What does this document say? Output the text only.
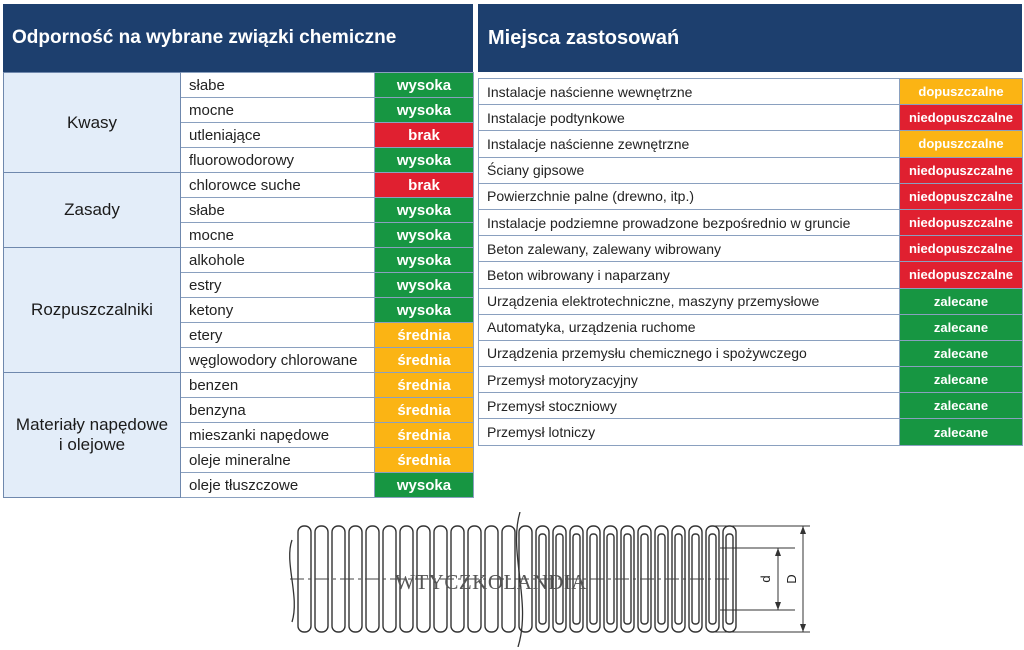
Odporność na wybrane związki chemiczne
Kwasy	słabe	wysoka
	mocne	wysoka
	utleniające	brak
	fluorowodorowy	wysoka
Zasady	chlorowce suche	brak
	słabe	wysoka
	mocne	wysoka
Rozpuszczalniki	alkohole	wysoka
	estry	wysoka
	ketony	wysoka
	etery	średnia
	węglowodory chlorowane	średnia
Materiały napędowe
i olejowe	benzen	średnia
	benzyna	średnia
	mieszanki napędowe	średnia
	oleje mineralne	średnia
	oleje tłuszczowe	wysoka
Miejsca zastosowań
Instalacje naścienne wewnętrzne	dopuszczalne
Instalacje podtynkowe	niedopuszczalne
Instalacje naścienne zewnętrzne	dopuszczalne
Ściany gipsowe	niedopuszczalne
Powierzchnie palne (drewno, itp.)	niedopuszczalne
Instalacje podziemne prowadzone bezpośrednio w gruncie	niedopuszczalne
Beton zalewany, zalewany wibrowany	niedopuszczalne
Beton wibrowany i naparzany	niedopuszczalne
Urządzenia elektrotechniczne, maszyny przemysłowe	zalecane
Automatyka, urządzenia ruchome	zalecane
Urządzenia przemysłu chemicznego i spożywczego	zalecane
Przemysł motoryzacyjny	zalecane
Przemysł stoczniowy	zalecane
Przemysł lotniczy	zalecane
d D
WTYCZKOLANDIA
